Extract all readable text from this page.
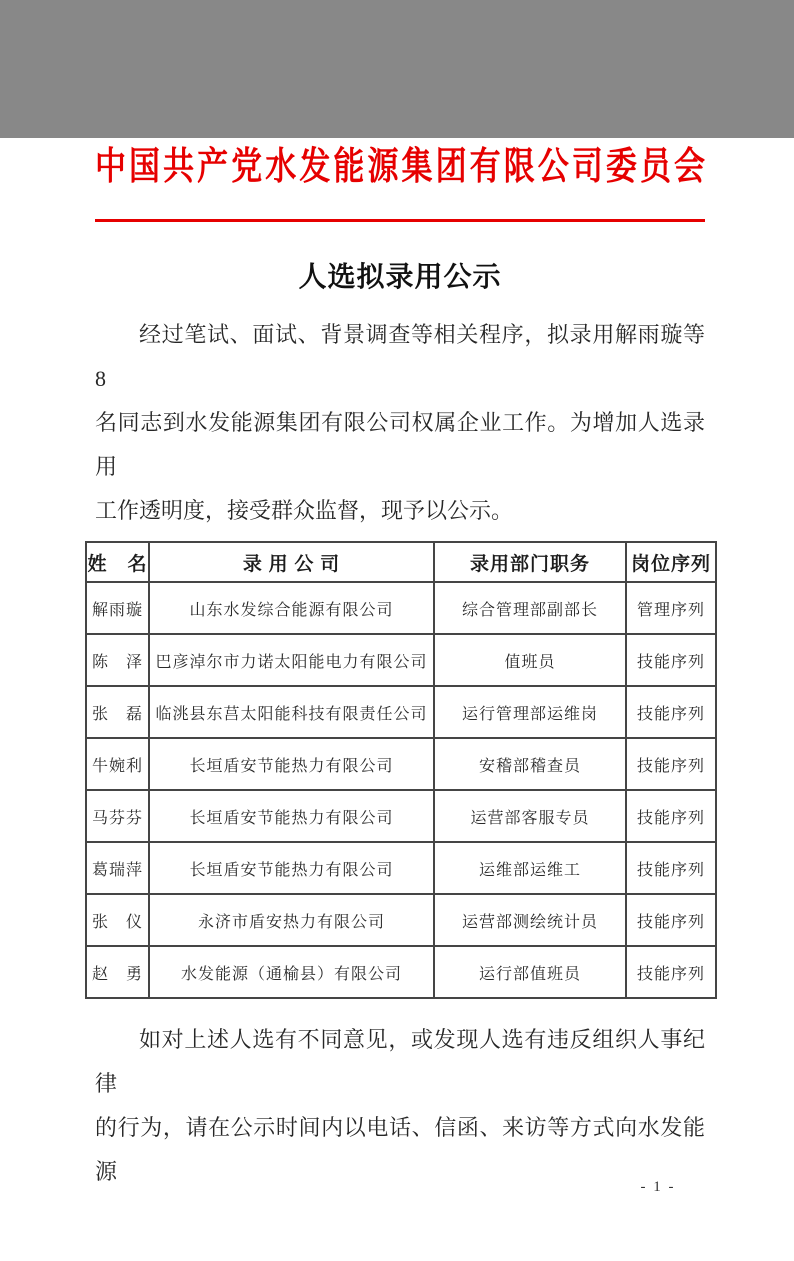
中国共产党水发能源集团有限公司委员会
人选拟录用公示
经过笔试、面试、背景调查等相关程序，拟录用解雨璇等 8
名同志到水发能源集团有限公司权属企业工作。为增加人选录用
工作透明度，接受群众监督，现予以公示。
姓　名	录 用 公 司	录用部门职务	岗位序列
解雨璇	山东水发综合能源有限公司	综合管理部副部长	管理序列
陈　泽	巴彦淖尔市力诺太阳能电力有限公司	值班员	技能序列
张　磊	临洮县东莒太阳能科技有限责任公司	运行管理部运维岗	技能序列
牛婉利	长垣盾安节能热力有限公司	安稽部稽查员	技能序列
马芬芬	长垣盾安节能热力有限公司	运营部客服专员	技能序列
葛瑞萍	长垣盾安节能热力有限公司	运维部运维工	技能序列
张　仪	永济市盾安热力有限公司	运营部测绘统计员	技能序列
赵　勇	水发能源（通榆县）有限公司	运行部值班员	技能序列
如对上述人选有不同意见，或发现人选有违反组织人事纪律
的行为，请在公示时间内以电话、信函、来访等方式向水发能源
- 1 -
